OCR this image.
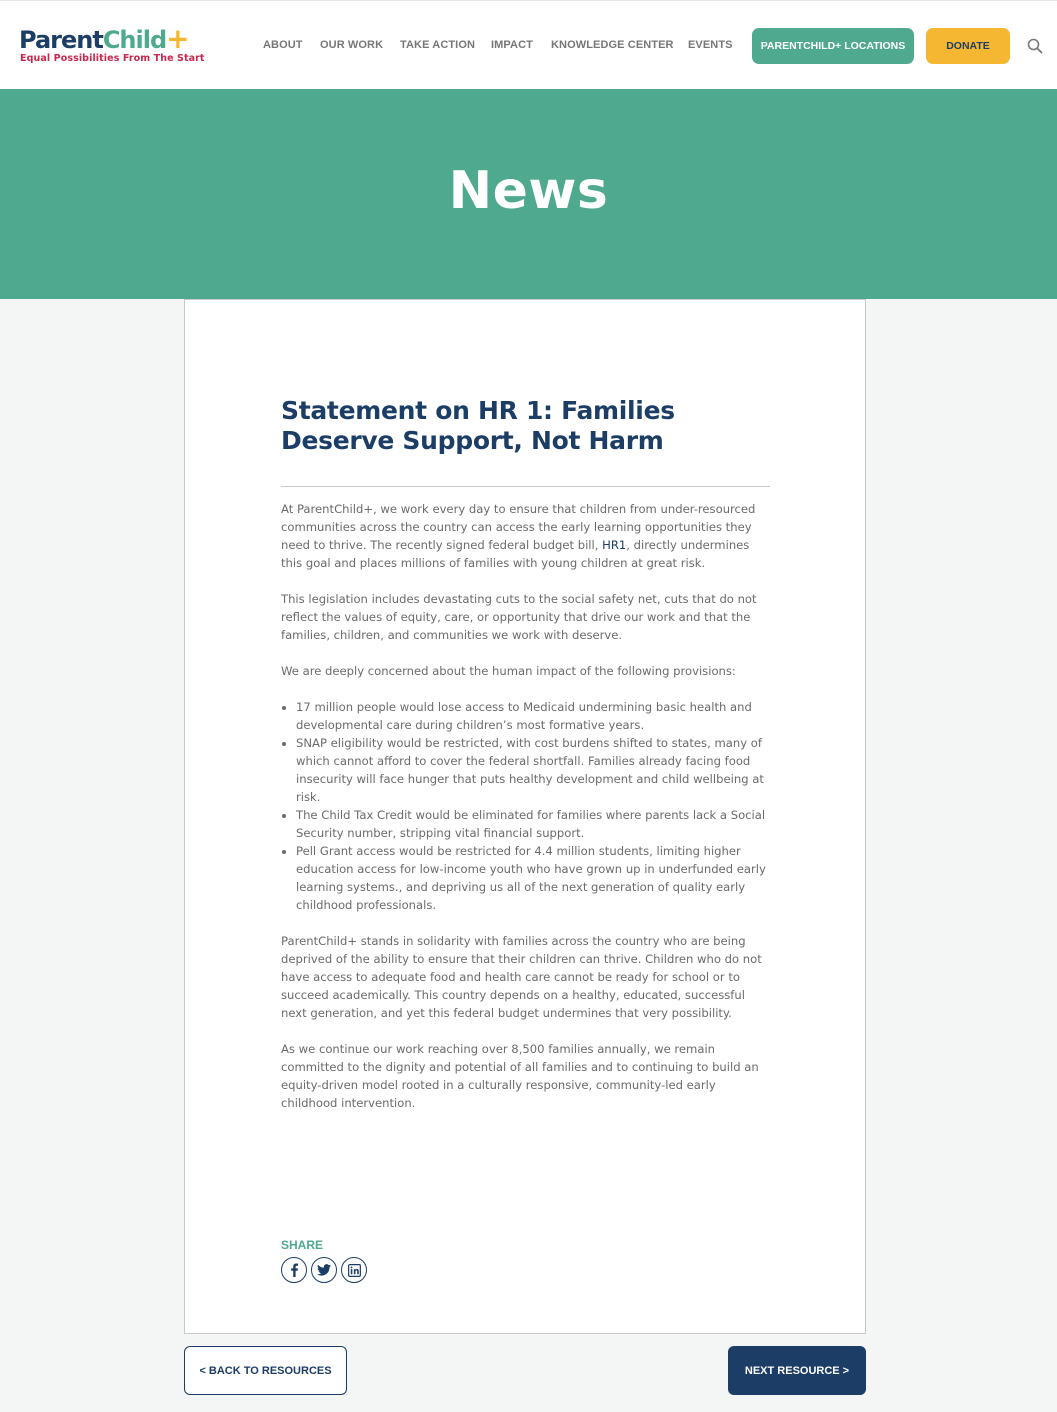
ParentChild+
Equal Possibilities From The Start
ABOUT OUR WORK TAKE ACTION IMPACT KNOWLEDGE CENTER EVENTS	PARENTCHILD+ LOCATIONS	DONATE
News
Statement on HR 1: Families Deserve Support, Not Harm

At ParentChild+, we work every day to ensure that children from under-resourced communities across the country can access the early learning opportunities they need to thrive. The recently signed federal budget bill, HR1, directly undermines this goal and places millions of families with young children at great risk.

This legislation includes devastating cuts to the social safety net, cuts that do not reflect the values of equity, care, or opportunity that drive our work and that the families, children, and communities we work with deserve.

We are deeply concerned about the human impact of the following provisions:

• 17 million people would lose access to Medicaid undermining basic health and developmental care during children’s most formative years.
• SNAP eligibility would be restricted, with cost burdens shifted to states, many of which cannot afford to cover the federal shortfall. Families already facing food insecurity will face hunger that puts healthy development and child wellbeing at risk.
• The Child Tax Credit would be eliminated for families where parents lack a Social Security number, stripping vital financial support.
• Pell Grant access would be restricted for 4.4 million students, limiting higher education access for low-income youth who have grown up in underfunded early learning systems., and depriving us all of the next generation of quality early childhood professionals.

ParentChild+ stands in solidarity with families across the country who are being deprived of the ability to ensure that their children can thrive. Children who do not have access to adequate food and health care cannot be ready for school or to succeed academically. This country depends on a healthy, educated, successful next generation, and yet this federal budget undermines that very possibility.

As we continue our work reaching over 8,500 families annually, we remain committed to the dignity and potential of all families and to continuing to build an equity-driven model rooted in a culturally responsive, community-led early childhood intervention.

SHARE
< BACK TO RESOURCES	NEXT RESOURCE >
